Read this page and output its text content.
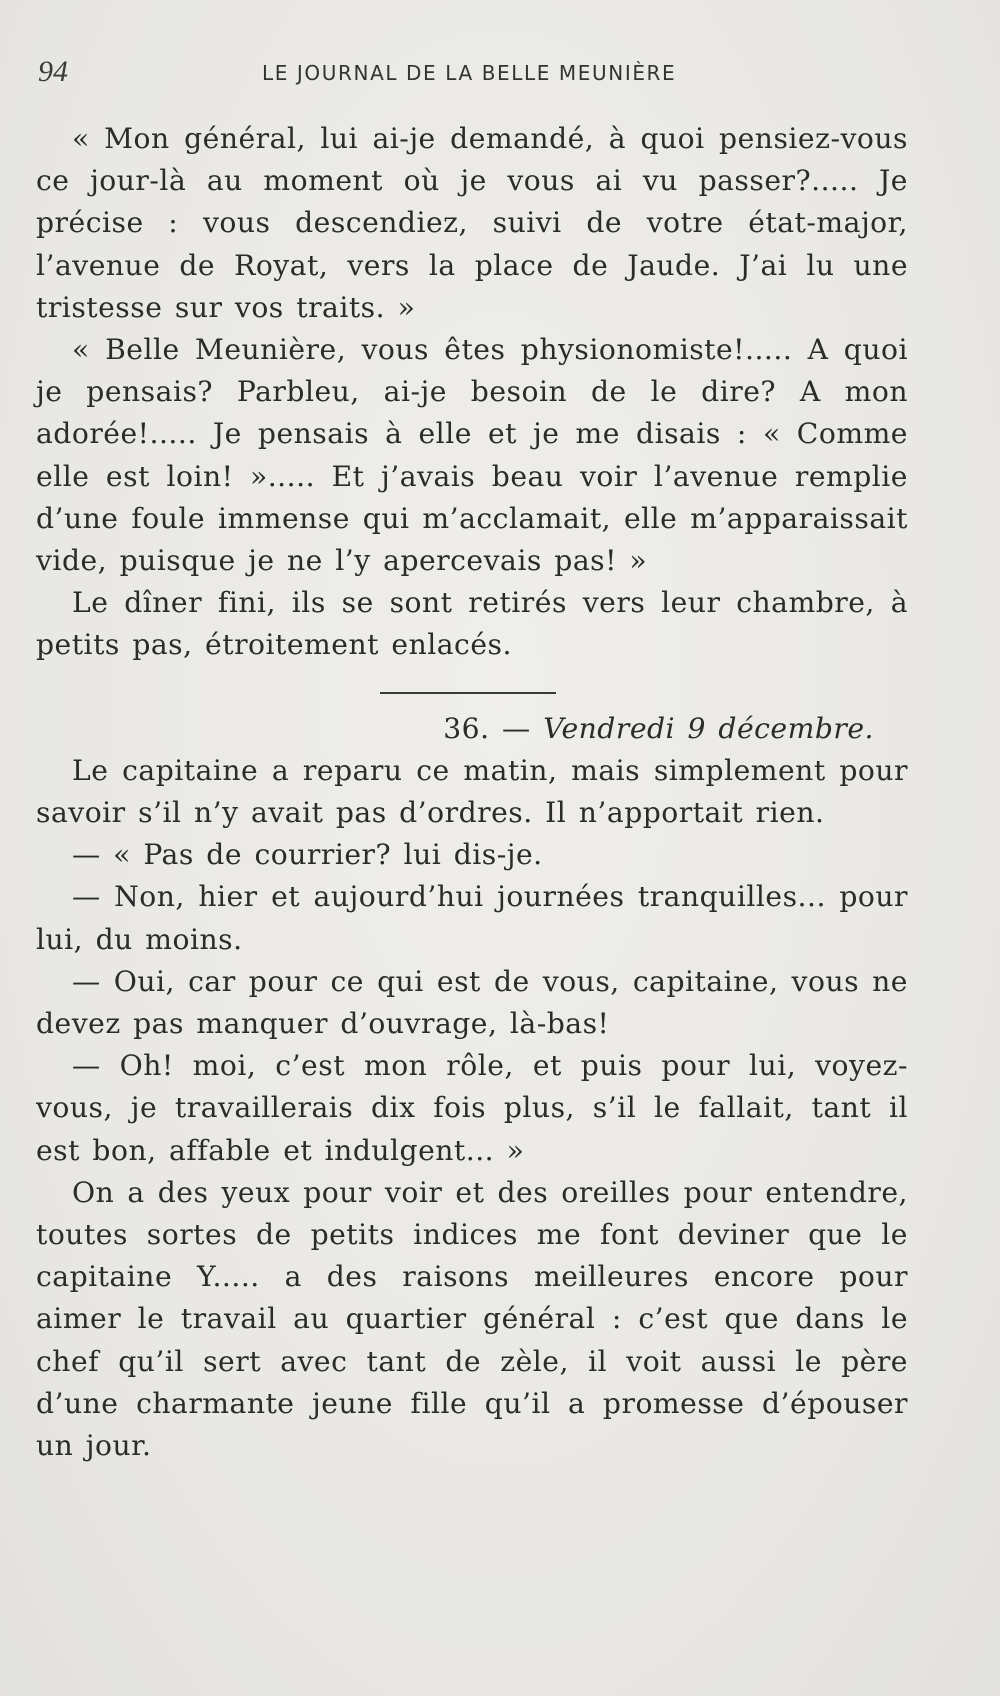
94	LE JOURNAL DE LA BELLE MEUNIÈRE

« Mon général, lui ai-je demandé, à quoi pensiez-vous ce jour-là au moment où je vous ai vu passer?..... Je précise : vous descendiez, suivi de votre état-major, l’avenue de Royat, vers la place de Jaude. J’ai lu une tristesse sur vos traits. »

« Belle Meunière, vous êtes physionomiste!..... A quoi je pensais? Parbleu, ai-je besoin de le dire? A mon adorée!..... Je pensais à elle et je me disais : « Comme elle est loin! »..... Et j’avais beau voir l’avenue remplie d’une foule immense qui m’acclamait, elle m’apparaissait vide, puisque je ne l’y apercevais pas! »

Le dîner fini, ils se sont retirés vers leur chambre, à petits pas, étroitement enlacés.

36. — Vendredi 9 décembre.

Le capitaine a reparu ce matin, mais simplement pour savoir s’il n’y avait pas d’ordres. Il n’apportait rien.

— « Pas de courrier? lui dis-je.

— Non, hier et aujourd’hui journées tranquilles... pour lui, du moins.

— Oui, car pour ce qui est de vous, capitaine, vous ne devez pas manquer d’ouvrage, là-bas!

— Oh! moi, c’est mon rôle, et puis pour lui, voyez-vous, je travaillerais dix fois plus, s’il le fallait, tant il est bon, affable et indulgent... »

On a des yeux pour voir et des oreilles pour entendre, toutes sortes de petits indices me font deviner que le capitaine Y..... a des raisons meilleures encore pour aimer le travail au quartier général : c’est que dans le chef qu’il sert avec tant de zèle, il voit aussi le père d’une charmante jeune fille qu’il a promesse d’épouser un jour.
